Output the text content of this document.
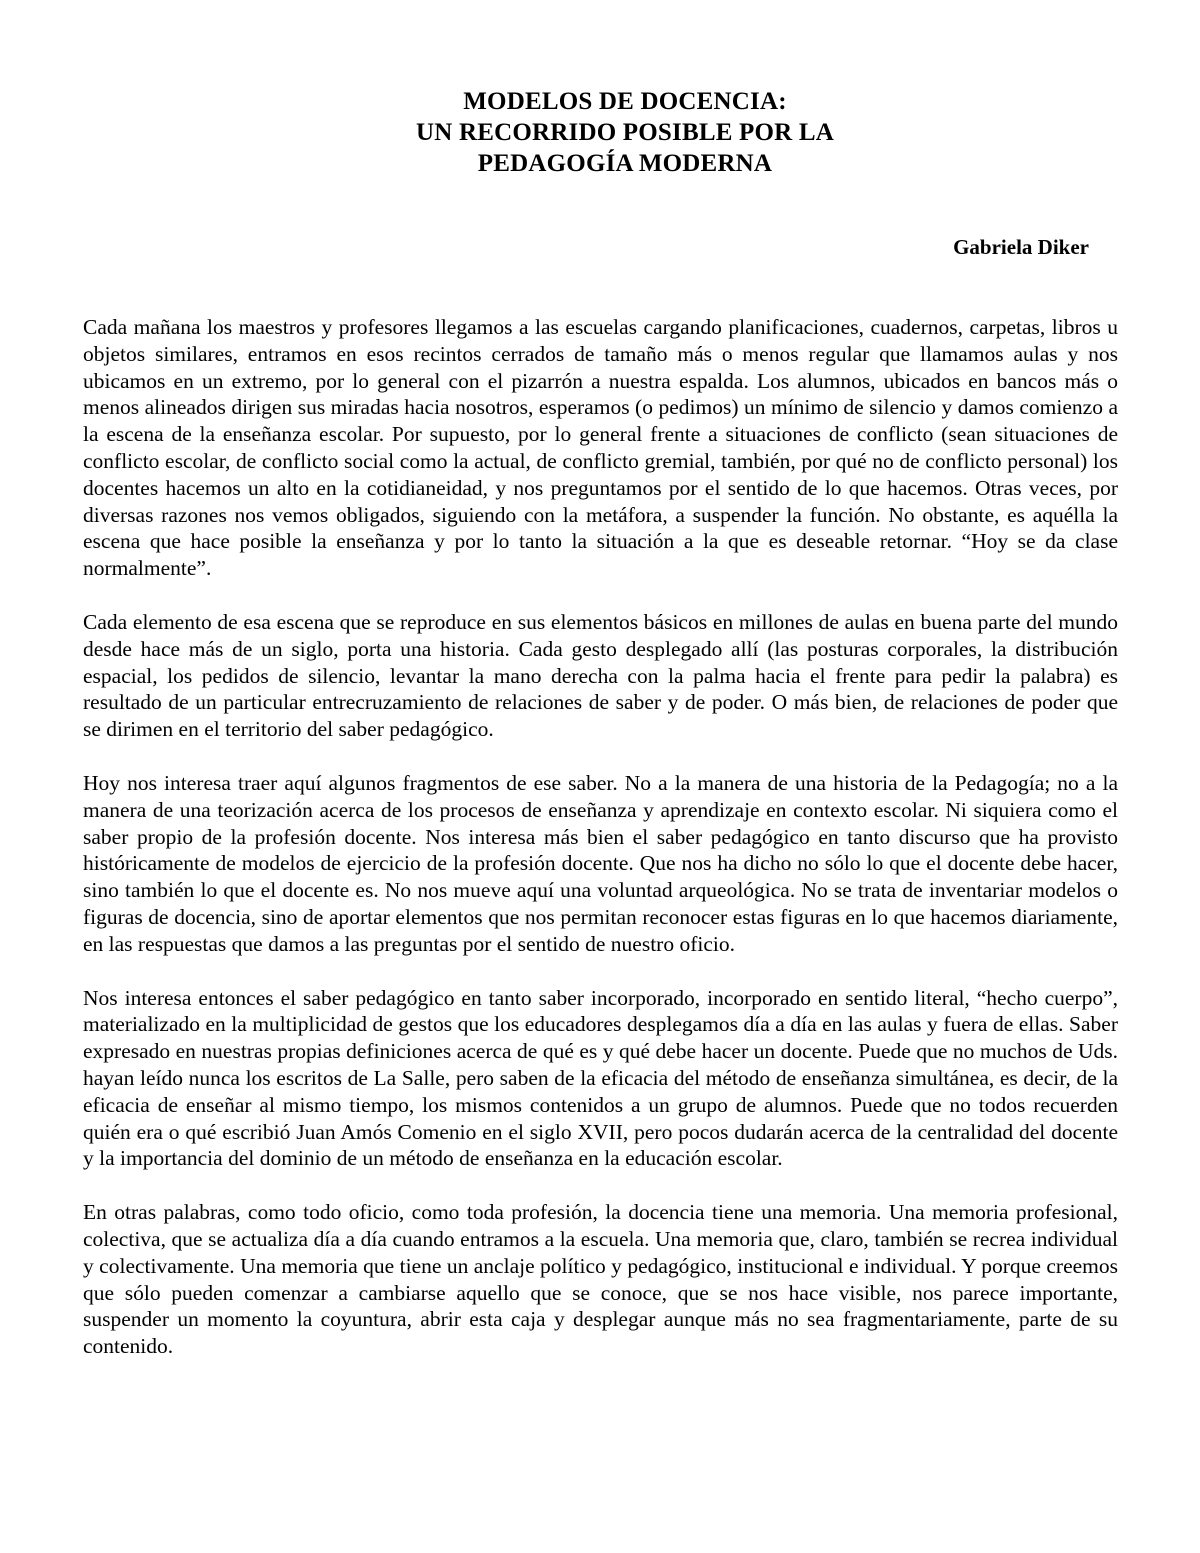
MODELOS DE DOCENCIA:
UN RECORRIDO POSIBLE POR LA
PEDAGOGÍA MODERNA
Gabriela Diker

Cada mañana los maestros y profesores llegamos a las escuelas cargando planificaciones, cuadernos, carpetas, libros u objetos similares, entramos en esos recintos cerrados de tamaño más o menos regular que llamamos aulas y nos ubicamos en un extremo, por lo general con el pizarrón a nuestra espalda. Los alumnos, ubicados en bancos más o menos alineados dirigen sus miradas hacia nosotros, esperamos (o pedimos) un mínimo de silencio y damos comienzo a la escena de la enseñanza escolar. Por supuesto, por lo general frente a situaciones de conflicto (sean situaciones de conflicto escolar, de conflicto social como la actual, de conflicto gremial, también, por qué no de conflicto personal) los docentes hacemos un alto en la cotidianeidad, y nos preguntamos por el sentido de lo que hacemos. Otras veces, por diversas razones nos vemos obligados, siguiendo con la metáfora, a suspender la función. No obstante, es aquélla la escena que hace posible la enseñanza y por lo tanto la situación a la que es deseable retornar. “Hoy se da clase normalmente”.

Cada elemento de esa escena que se reproduce en sus elementos básicos en millones de aulas en buena parte del mundo desde hace más de un siglo, porta una historia. Cada gesto desplegado allí (las posturas corporales, la distribución espacial, los pedidos de silencio, levantar la mano derecha con la palma hacia el frente para pedir la palabra) es resultado de un particular entrecruzamiento de relaciones de saber y de poder. O más bien, de relaciones de poder que se dirimen en el territorio del saber pedagógico.

Hoy nos interesa traer aquí algunos fragmentos de ese saber. No a la manera de una historia de la Pedagogía; no a la manera de una teorización acerca de los procesos de enseñanza y aprendizaje en contexto escolar. Ni siquiera como el saber propio de la profesión docente. Nos interesa más bien el saber pedagógico en tanto discurso que ha provisto históricamente de modelos de ejercicio de la profesión docente. Que nos ha dicho no sólo lo que el docente debe hacer, sino también lo que el docente es. No nos mueve aquí una voluntad arqueológica. No se trata de inventariar modelos o figuras de docencia, sino de aportar elementos que nos permitan reconocer estas figuras en lo que hacemos diariamente, en las respuestas que damos a las preguntas por el sentido de nuestro oficio.

Nos interesa entonces el saber pedagógico en tanto saber incorporado, incorporado en sentido literal, “hecho cuerpo”, materializado en la multiplicidad de gestos que los educadores desplegamos día a día en las aulas y fuera de ellas. Saber expresado en nuestras propias definiciones acerca de qué es y qué debe hacer un docente. Puede que no muchos de Uds. hayan leído nunca los escritos de La Salle, pero saben de la eficacia del método de enseñanza simultánea, es decir, de la eficacia de enseñar al mismo tiempo, los mismos contenidos a un grupo de alumnos. Puede que no todos recuerden quién era o qué escribió Juan Amós Comenio en el siglo XVII, pero pocos dudarán acerca de la centralidad del docente y la importancia del dominio de un método de enseñanza en la educación escolar.

En otras palabras, como todo oficio, como toda profesión, la docencia tiene una memoria. Una memoria profesional, colectiva, que se actualiza día a día cuando entramos a la escuela. Una memoria que, claro, también se recrea individual y colectivamente. Una memoria que tiene un anclaje político y pedagógico, institucional e individual. Y porque creemos que sólo pueden comenzar a cambiarse aquello que se conoce, que se nos hace visible, nos parece importante, suspender un momento la coyuntura, abrir esta caja y desplegar aunque más no sea fragmentariamente, parte de su contenido.
